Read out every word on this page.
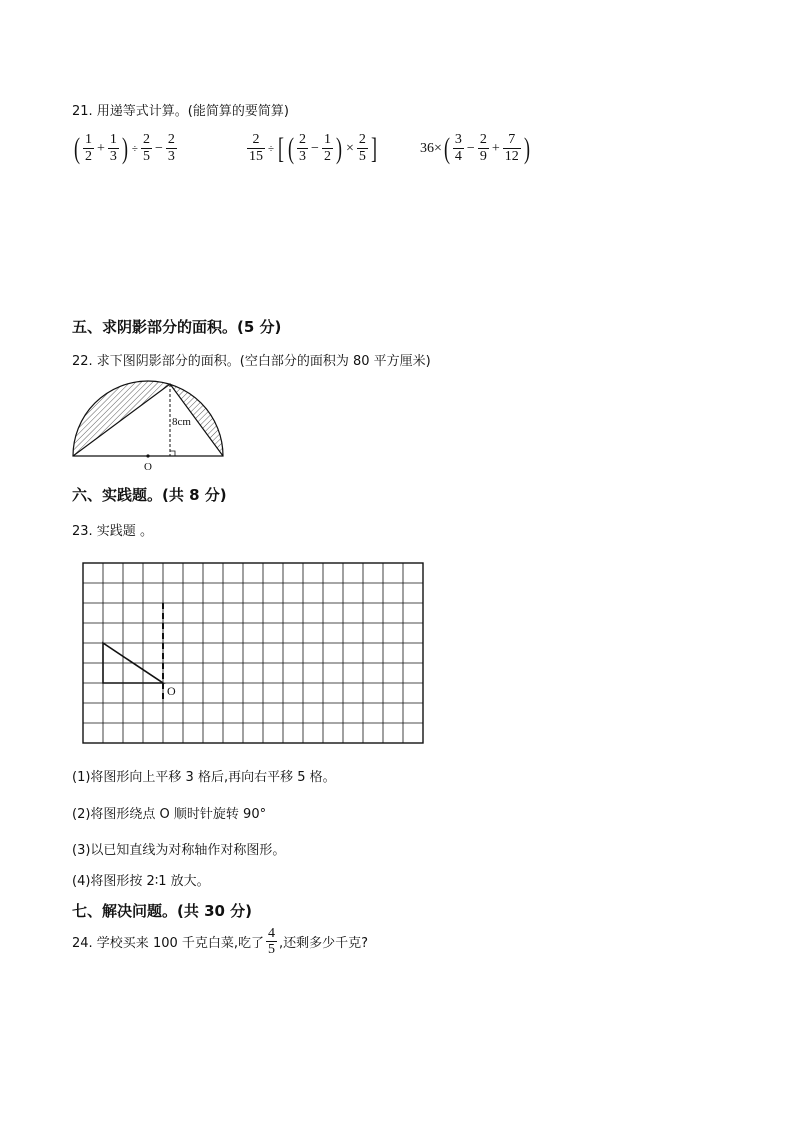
21. 用递等式计算。(能简算的要简算)
( $\frac{1}{2} + \frac{1}{3}$ ) ÷ $\frac{2}{5} - \frac{2}{3}$	$\frac{2}{15}$ ÷ [ ( $\frac{2}{3} - \frac{1}{2}$ ) × $\frac{2}{5}$ ]	36× ( $\frac{3}{4} - \frac{2}{9} + \frac{7}{12}$ )
五、求阴影部分的面积。(5 分)
22. 求下图阴影部分的面积。(空白部分的面积为 80 平方厘米)
8cm
O
六、实践题。(共 8 分)
23. 实践题 。
O
(1)将图形向上平移 3 格后,再向右平移 5 格。
(2)将图形绕点 O 顺时针旋转 90°
(3)以已知直线为对称轴作对称图形。
(4)将图形按 2∶1 放大。
七、解决问题。(共 30 分)
24. 学校买来 100 千克白菜,吃了 $\frac{4}{5}$ ,还剩多少千克?
